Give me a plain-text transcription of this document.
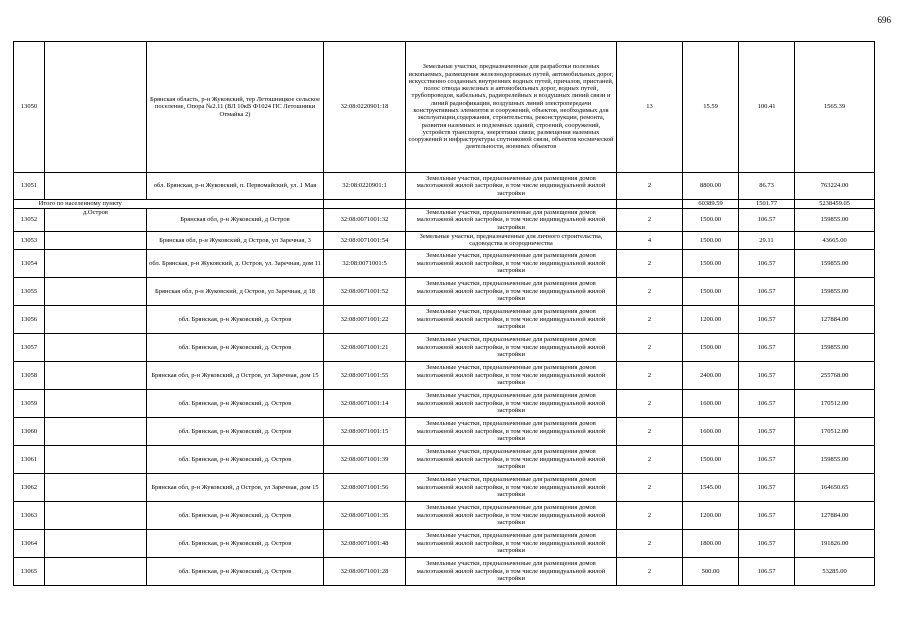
696
13050		Брянская область, р-н Жуковский, тер Летошницкое сельское поселение, Опора №2.11 (ВЛ 10кВ Ф1024 ПС Летошники Отмайка 2)	32:08:0220901:18	Земельные участки, предназначенные для разработки полезных ископаемых, размещения железнодорожных путей, автомобильных дорог, искусственно созданных внутренних водных путей, причалов, пристаней, полос отвода железных и автомобильных дорог, водных путей, трубопроводов, кабельных, радиорелейных и воздушных линий связи и линий радиофикации, воздушных линий электропередачи конструктивных элементов и сооружений, объектов, необходимых для эксплуатации,содержания, строительства, реконструкции, ремонта, развития наземных и подземных зданий, строений, сооружений, устройств транспорта, энергетики связи; размещения наземных сооружений и инфраструктуры спутниковой связи, объектов космической деятельности, военных объектов	13	15.59	100.41	1565.39
13051		обл. Брянская, р-н Жуковский, п. Первомайский, ул. 1 Мая	32:08:0220901:1	Земельные участки, предназначенные для размещения домов малоэтажной жилой застройки, в том числе индивидуальной жилой застройки	2	8800.00	86.73	763224.00
Итого по населенному пункту						60389.59	1501.77	5238459.05
13052	д.Остров	Брянская обл, р-н Жуковский, д Остров	32:08:0071001:32	Земельные участки, предназначенные для размещения домов малоэтажной жилой застройки, в том числе индивидуальной жилой застройки	2	1500.00	106.57	159855.00
13053		Брянская обл, р-н Жуковский, д Остров, ул Заречная, 3	32:08:0071001:54	Земельные участки, предназначенные для личного строительства, садоводства и огородничества	4	1500.00	29.11	43665.00
13054		обл. Брянская, р-н Жуковский, д. Остров, ул. Заречная, дом 11	32:08:0071001:5	Земельные участки, предназначенные для размещения домов малоэтажной жилой застройки, в том числе индивидуальной жилой застройки	2	1500.00	106.57	159855.00
13055		Брянская обл, р-н Жуковский, д Остров, ул Заречная, д 18	32:08:0071001:52	Земельные участки, предназначенные для размещения домов малоэтажной жилой застройки, в том числе индивидуальной жилой застройки	2	1500.00	106.57	159855.00
13056		обл. Брянская, р-н Жуковский, д. Остров	32:08:0071001:22	Земельные участки, предназначенные для размещения домов малоэтажной жилой застройки, в том числе индивидуальной жилой застройки	2	1200.00	106.57	127884.00
13057		обл. Брянская, р-н Жуковский, д. Остров	32:08:0071001:21	Земельные участки, предназначенные для размещения домов малоэтажной жилой застройки, в том числе индивидуальной жилой застройки	2	1500.00	106.57	159855.00
13058		Брянская обл, р-н Жуковский, д Остров, ул Заречная, дом 15	32:08:0071001:55	Земельные участки, предназначенные для размещения домов малоэтажной жилой застройки, в том числе индивидуальной жилой застройки	2	2400.00	106.57	255768.00
13059		обл. Брянская, р-н Жуковский, д. Остров	32:08:0071001:14	Земельные участки, предназначенные для размещения домов малоэтажной жилой застройки, в том числе индивидуальной жилой застройки	2	1600.00	106.57	170512.00
13060		обл. Брянская, р-н Жуковский, д. Остров	32:08:0071001:15	Земельные участки, предназначенные для размещения домов малоэтажной жилой застройки, в том числе индивидуальной жилой застройки	2	1600.00	106.57	170512.00
13061		обл. Брянская, р-н Жуковский, д. Остров	32:08:0071001:39	Земельные участки, предназначенные для размещения домов малоэтажной жилой застройки, в том числе индивидуальной жилой застройки	2	1500.00	106.57	159855.00
13062		Брянская обл, р-н Жуковский, д Остров, ул Заречная, дом 15	32:08:0071001:56	Земельные участки, предназначенные для размещения домов малоэтажной жилой застройки, в том числе индивидуальной жилой застройки	2	1545.00	106.57	164650.65
13063		обл. Брянская, р-н Жуковский, д. Остров	32:08:0071001:35	Земельные участки, предназначенные для размещения домов малоэтажной жилой застройки, в том числе индивидуальной жилой застройки	2	1200.00	106.57	127884.00
13064		обл. Брянская, р-н Жуковский, д. Остров	32:08:0071001:48	Земельные участки, предназначенные для размещения домов малоэтажной жилой застройки, в том числе индивидуальной жилой застройки	2	1800.00	106.57	191826.00
13065		обл. Брянская, р-н Жуковский, д. Остров	32:08:0071001:28	Земельные участки, предназначенные для размещения домов малоэтажной жилой застройки, в том числе индивидуальной жилой застройки	2	500.00	106.57	53285.00
